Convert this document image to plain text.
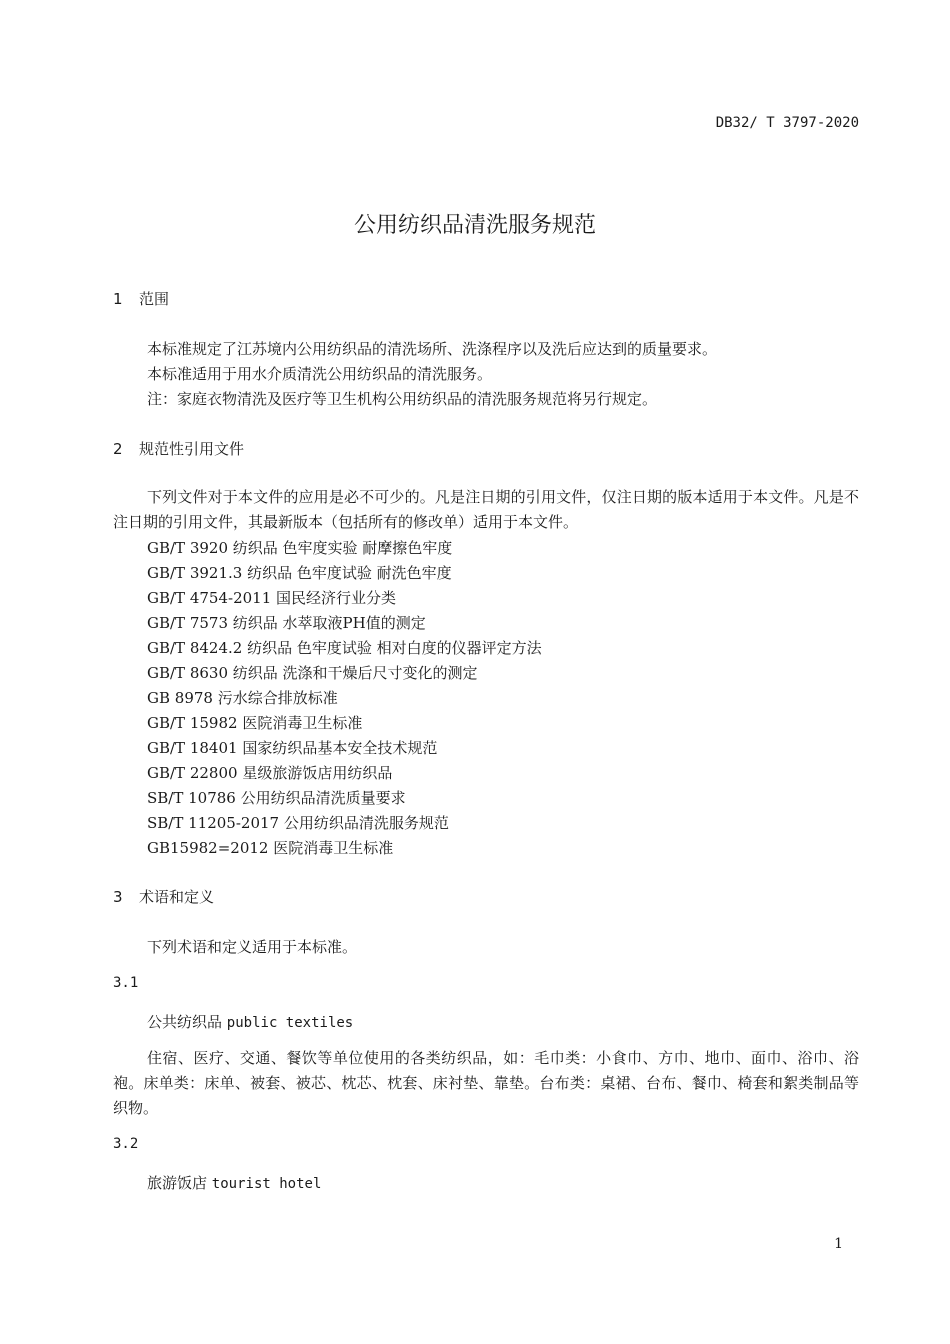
DB32/ T 3797-2020
公用纺织品清洗服务规范
1 范围
本标准规定了江苏境内公用纺织品的清洗场所、洗涤程序以及洗后应达到的质量要求。
本标准适用于用水介质清洗公用纺织品的清洗服务。
注：家庭衣物清洗及医疗等卫生机构公用纺织品的清洗服务规范将另行规定。
2 规范性引用文件
下列文件对于本文件的应用是必不可少的。凡是注日期的引用文件，仅注日期的版本适用于本文件。凡是不注日期的引用文件，其最新版本（包括所有的修改单）适用于本文件。
GB/T 3920 纺织品 色牢度实验 耐摩擦色牢度
GB/T 3921.3 纺织品 色牢度试验 耐洗色牢度
GB/T 4754-2011 国民经济行业分类
GB/T 7573 纺织品 水萃取液PH值的测定
GB/T 8424.2 纺织品 色牢度试验 相对白度的仪器评定方法
GB/T 8630 纺织品 洗涤和干燥后尺寸变化的测定
GB 8978 污水综合排放标准
GB/T 15982 医院消毒卫生标准
GB/T 18401 国家纺织品基本安全技术规范
GB/T 22800 星级旅游饭店用纺织品
SB/T 10786 公用纺织品清洗质量要求
SB/T 11205-2017 公用纺织品清洗服务规范
GB15982=2012 医院消毒卫生标准
3 术语和定义
下列术语和定义适用于本标准。
3.1
公共纺织品 public textiles
住宿、医疗、交通、餐饮等单位使用的各类纺织品，如：毛巾类：小食巾、方巾、地巾、面巾、浴巾、浴袍。床单类：床单、被套、被芯、枕芯、枕套、床衬垫、靠垫。台布类：桌裙、台布、餐巾、椅套和絮类制品等织物。
3.2
旅游饭店 tourist hotel
1
